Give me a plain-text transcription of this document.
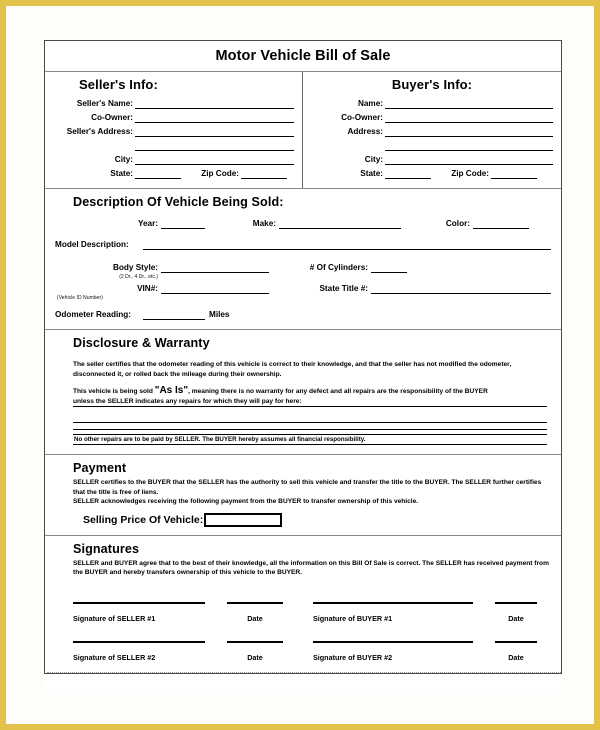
Motor Vehicle Bill of Sale
Seller's Info:
Seller's Name:
Co-Owner:
Seller's Address:
City:
State:	Zip Code:
Buyer's Info:
Name:
Co-Owner:
Address:
City:
State:	Zip Code:
Description Of Vehicle Being Sold:
Year:	Make:	Color:
Model Description:
Body Style:	# Of Cylinders:
(2 Dr., 4 Dr., etc.)
VIN#:	State Title #:
(Vehicle ID Number)
Odometer Reading:	Miles
Disclosure & Warranty
The seller certifies that the odometer reading of this vehicle is correct to their knowledge, and that the seller has not modified the odometer, disconnected it, or rolled back the mileage during their ownership.
This vehicle is being sold "As Is", meaning there is no warranty for any defect and all repairs are the responsibility of the BUYER
unless the SELLER indicates any repairs for which they will pay for here:
No other repairs are to be paid by SELLER. The BUYER hereby assumes all financial responsibility.
Payment
SELLER certifies to the BUYER that the SELLER has the authority to sell this vehicle and transfer the title to the BUYER. The SELLER further certifies that the title is free of liens.
SELLER acknowledges receiving the following payment from the BUYER to transfer ownership of this vehicle.
Selling Price Of Vehicle:
Signatures
SELLER and BUYER agree that to the best of their knowledge, all the information on this Bill Of Sale is correct. The SELLER has received payment from the BUYER and hereby transfers ownership of this vehicle to the BUYER.
Signature of SELLER #1	Date	Signature of BUYER #1	Date
Signature of SELLER #2	Date	Signature of BUYER #2	Date
